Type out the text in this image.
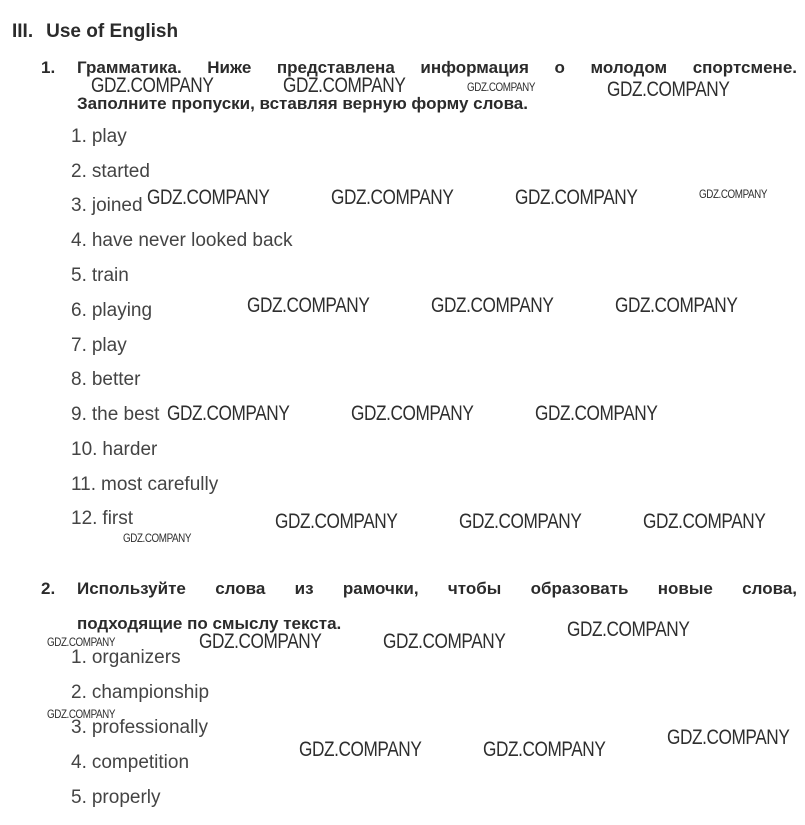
III. Use of English
1. Грамматика. Ниже представлена информация о молодом спортсмене.
Заполните пропуски, вставляя верную форму слова.
1. play
2. started
3. joined
4. have never looked back
5. train
6. playing
7. play
8. better
9. the best
10. harder
11. most carefully
12. first
2. Используйте слова из рамочки, чтобы образовать новые слова,
подходящие по смыслу текста.
1. organizers
2. championship
3. professionally
4. competition
5. properly
GDZ.COMPANY	GDZ.COMPANY	GDZ.COMPANY	GDZ.COMPANY
GDZ.COMPANY	GDZ.COMPANY	GDZ.COMPANY	GDZ.COMPANY
GDZ.COMPANY	GDZ.COMPANY	GDZ.COMPANY
GDZ.COMPANY	GDZ.COMPANY	GDZ.COMPANY
GDZ.COMPANY	GDZ.COMPANY	GDZ.COMPANY
GDZ.COMPANY
GDZ.COMPANY
GDZ.COMPANY	GDZ.COMPANY	GDZ.COMPANY
GDZ.COMPANY
GDZ.COMPANY
GDZ.COMPANY	GDZ.COMPANY
